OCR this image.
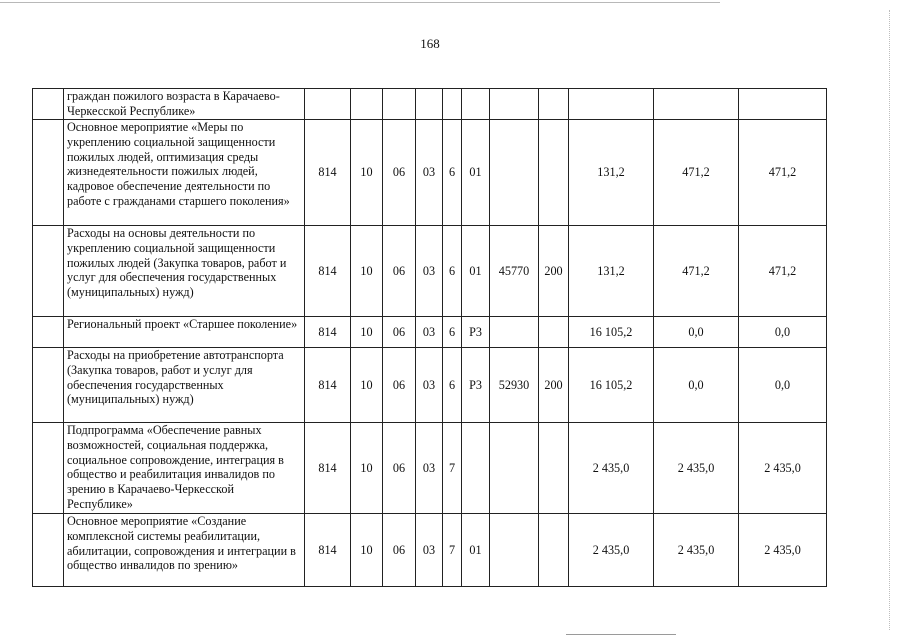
168
	граждан пожилого возраста в Карачаево-Черкесской Республике»											
	Основное мероприятие «Меры по укреплению социальной защищенности пожилых людей, оптимизация среды жизнедеятельности пожилых людей, кадровое обеспечение деятельности по работе с гражданами старшего поколения»	814	10	06	03	6	01			131,2	471,2	471,2
	Расходы на основы деятельности по укреплению социальной защищенности пожилых людей (Закупка товаров, работ и услуг для обеспечения государственных (муниципальных) нужд)	814	10	06	03	6	01	45770	200	131,2	471,2	471,2
	Региональный проект «Старшее поколение»	814	10	06	03	6	P3			16 105,2	0,0	0,0
	Расходы на приобретение автотранспорта (Закупка товаров, работ и услуг для обеспечения государственных (муниципальных) нужд)	814	10	06	03	6	P3	52930	200	16 105,2	0,0	0,0
	Подпрограмма «Обеспечение равных возможностей, социальная поддержка, социальное сопровождение, интеграция в общество и реабилитация инвалидов по зрению в Карачаево-Черкесской Республике»	814	10	06	03	7				2 435,0	2 435,0	2 435,0
	Основное мероприятие «Создание комплексной системы реабилитации, абилитации, сопровождения и интеграции в общество инвалидов по зрению»	814	10	06	03	7	01			2 435,0	2 435,0	2 435,0
